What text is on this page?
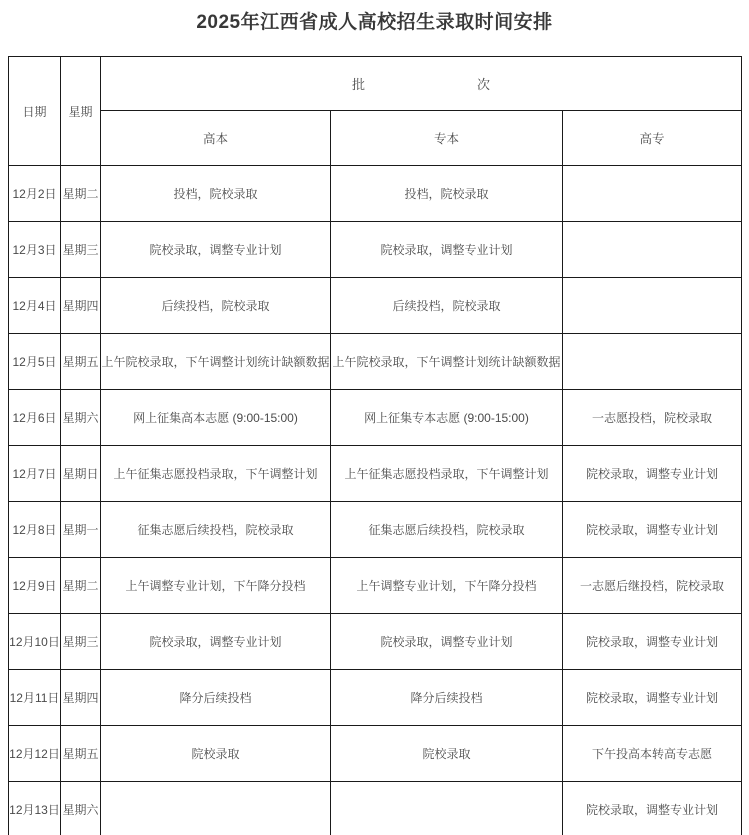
2025年江西省成人高校招生录取时间安排
日期	星期	批 次		

		高本	专本	高专
12月2日	星期二	投档，院校录取	投档，院校录取	
12月3日	星期三	院校录取，调整专业计划	院校录取，调整专业计划	
12月4日	星期四	后续投档，院校录取	后续投档，院校录取	
12月5日	星期五	上午院校录取，下午调整计划统计缺额数据	上午院校录取，下午调整计划统计缺额数据	
12月6日	星期六	网上征集高本志愿 (9:00-15:00)	网上征集专本志愿 (9:00-15:00)	一志愿投档，院校录取
12月7日	星期日	上午征集志愿投档录取，下午调整计划	上午征集志愿投档录取，下午调整计划	院校录取，调整专业计划
12月8日	星期一	征集志愿后续投档，院校录取	征集志愿后续投档，院校录取	院校录取，调整专业计划
12月9日	星期二	上午调整专业计划，下午降分投档	上午调整专业计划，下午降分投档	一志愿后继投档，院校录取
12月10日	星期三	院校录取，调整专业计划	院校录取，调整专业计划	院校录取，调整专业计划
12月11日	星期四	降分后续投档	降分后续投档	院校录取，调整专业计划
12月12日	星期五	院校录取	院校录取	下午投高本转高专志愿
12月13日	星期六			院校录取，调整专业计划
